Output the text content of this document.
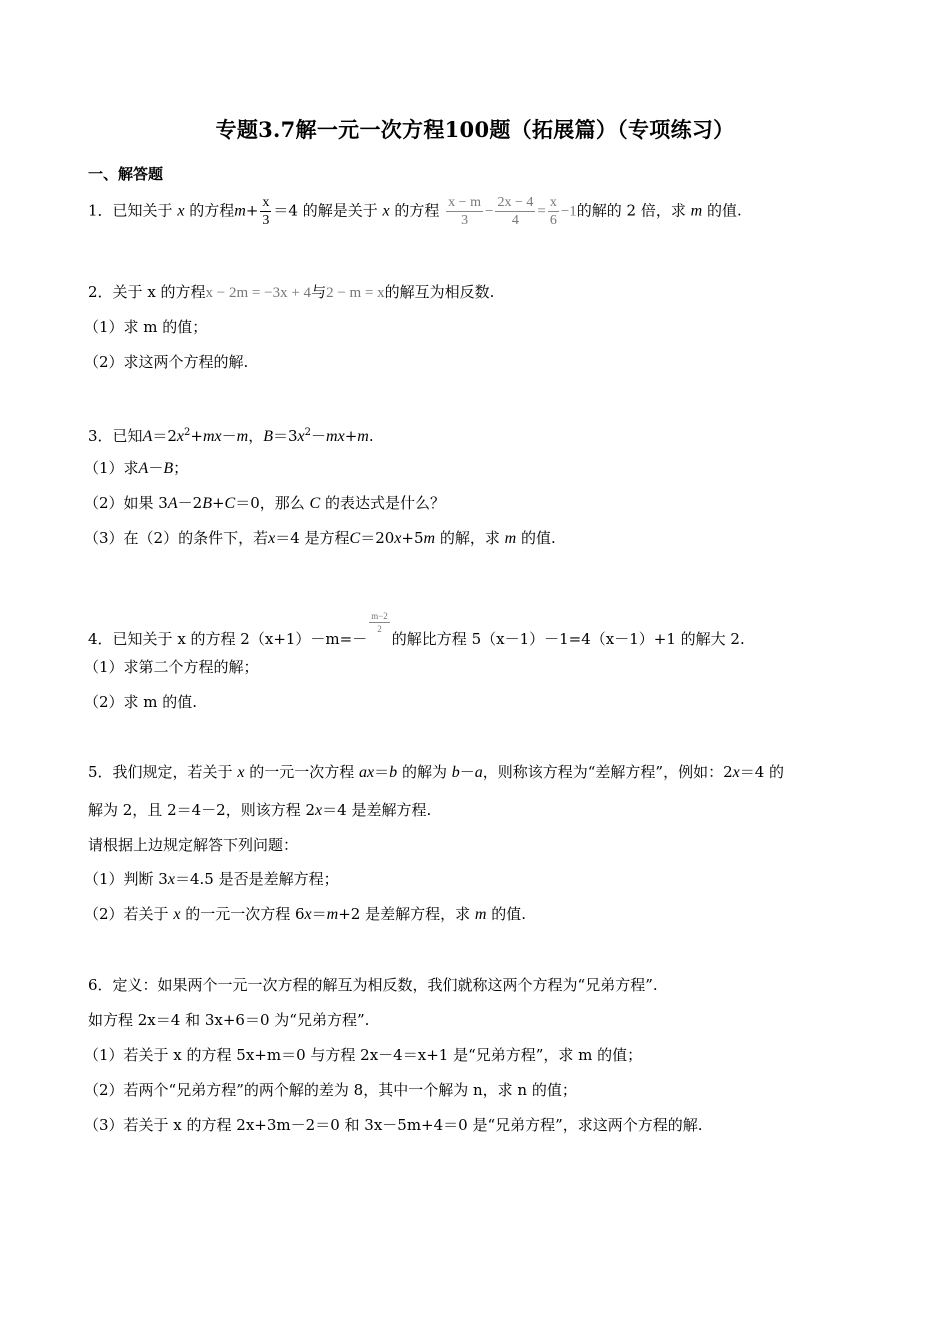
专题3.7解一元一次方程100题（拓展篇）（专项练习）
一、解答题
1．已知关于 x 的方程$m+ \frac{x}{3} =4$ 的解是关于 x 的方程 $\frac{x - m}{3} - \frac{2x - 4}{4} = \frac{x}{6} -1$的解的 2 倍，求 m 的值.
2．关于 x 的方程x − 2m = −3x + 4与2 − m = x的解互为相反数.
（1）求 m 的值；
（2）求这两个方程的解.
3．已知$A=2x^2+mx-m$，$B=3x^2-mx+m$.
（1）求A－B；
（2）如果 3A－2B+C＝0，那么 C 的表达式是什么？
（3）在（2）的条件下，若x＝4 是方程C＝20x+5m 的解，求 m 的值.
4．已知关于 x 的方程 2（x+1）－m=－
$\frac{m-2}{2}$
的解比方程 5（x－1）－1=4（x－1）+1 的解大 2.
（1）求第二个方程的解；
（2）求 m 的值.
5．我们规定，若关于 x 的一元一次方程 ax＝b 的解为 b－a，则称该方程为“差解方程”，例如：2x＝4 的
解为 2，且 2＝4－2，则该方程 2x＝4 是差解方程.
请根据上边规定解答下列问题：
（1）判断 3x＝4.5 是否是差解方程；
（2）若关于 x 的一元一次方程 6x＝m+2 是差解方程，求 m 的值.
6．定义：如果两个一元一次方程的解互为相反数，我们就称这两个方程为“兄弟方程”.
如方程 2x＝4 和 3x+6＝0 为“兄弟方程”.
（1）若关于 x 的方程 5x+m＝0 与方程 2x－4＝x+1 是“兄弟方程”，求 m 的值；
（2）若两个“兄弟方程”的两个解的差为 8，其中一个解为 n，求 n 的值；
（3）若关于 x 的方程 2x+3m－2＝0 和 3x－5m+4＝0 是“兄弟方程”，求这两个方程的解.
